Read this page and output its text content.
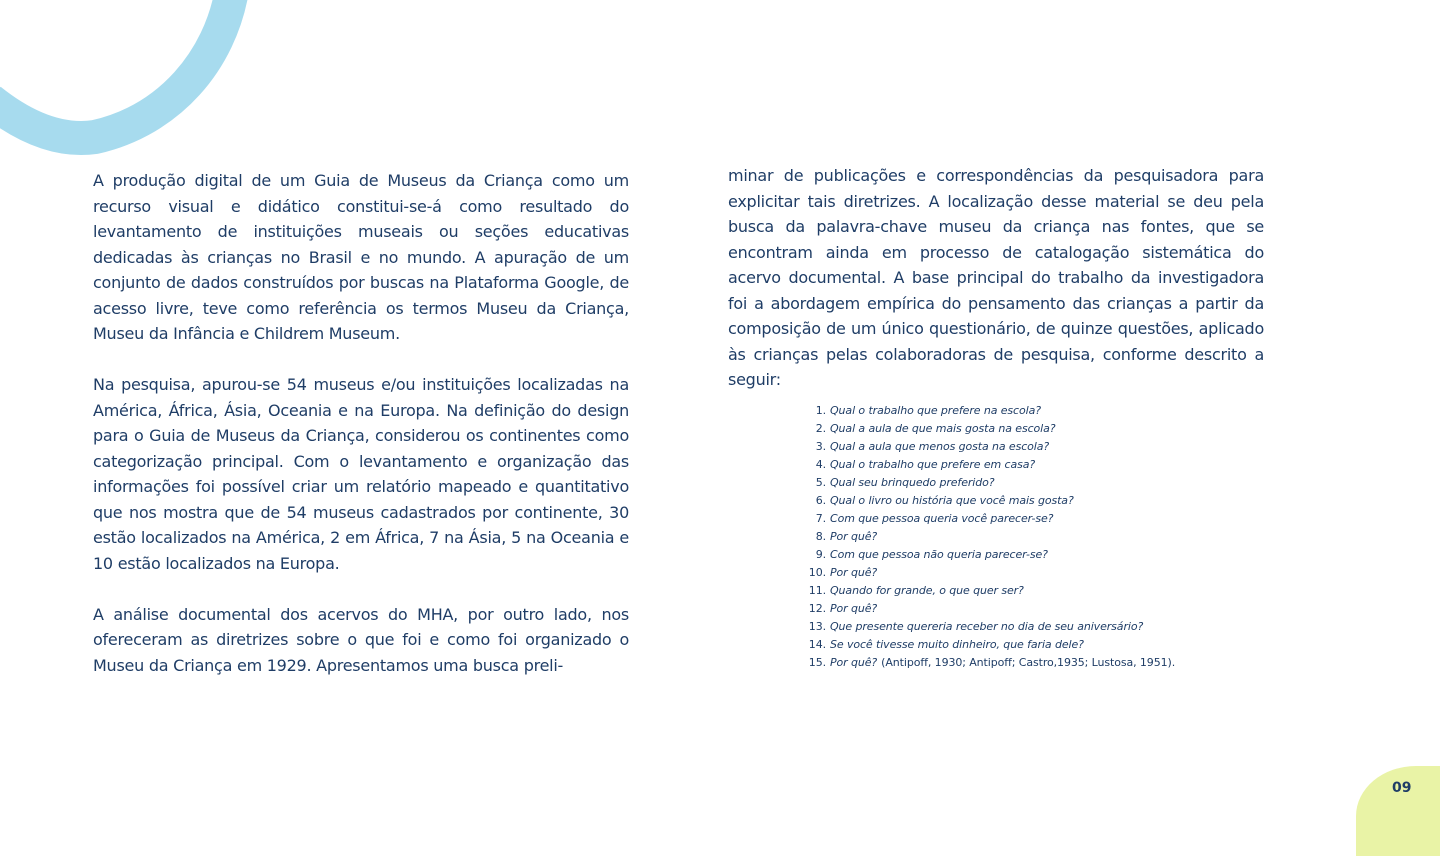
A produção digital de um Guia de Museus da Criança como um recurso visual e didático constitui-se-á como resultado do levantamento de instituições museais ou seções educativas dedicadas às crianças no Brasil e no mundo. A apuração de um conjunto de dados construídos por buscas na Plataforma Google, de acesso livre, teve como referência os termos Museu da Criança, Museu da Infância e Childrem Museum.

Na pesquisa, apurou-se 54 museus e/ou instituições localizadas na América, África, Ásia, Oceania e na Europa. Na definição do design para o Guia de Museus da Criança, considerou os continentes como categorização principal. Com o levantamento e organização das informações foi possível criar um relatório mapeado e quantitativo que nos mostra que de 54 museus cadastrados por continente, 30 estão localizados na América, 2 em África, 7 na Ásia, 5 na Oceania e 10 estão localizados na Europa.

A análise documental dos acervos do MHA, por outro lado, nos ofereceram as diretrizes sobre o que foi e como foi organizado o Museu da Criança em 1929. Apresentamos uma busca preli-

minar de publicações e correspondências da pesquisadora para explicitar tais diretrizes. A localização desse material se deu pela busca da palavra-chave museu da criança nas fontes, que se encontram ainda em processo de catalogação sistemática do acervo documental. A base principal do trabalho da investigadora foi a abordagem empírica do pensamento das crianças a partir da composição de um único questionário, de quinze questões, aplicado às crianças pelas colaboradoras de pesquisa, conforme descrito a seguir:

1. Qual o trabalho que prefere na escola?
2. Qual a aula de que mais gosta na escola?
3. Qual a aula que menos gosta na escola?
4. Qual o trabalho que prefere em casa?
5. Qual seu brinquedo preferido?
6. Qual o livro ou história que você mais gosta?
7. Com que pessoa queria você parecer-se?
8. Por quê?
9. Com que pessoa não queria parecer-se?
10. Por quê?
11. Quando for grande, o que quer ser?
12. Por quê?
13. Que presente quereria receber no dia de seu aniversário?
14. Se você tivesse muito dinheiro, que faria dele?
15. Por quê? (Antipoff, 1930; Antipoff; Castro,1935; Lustosa, 1951).
09
